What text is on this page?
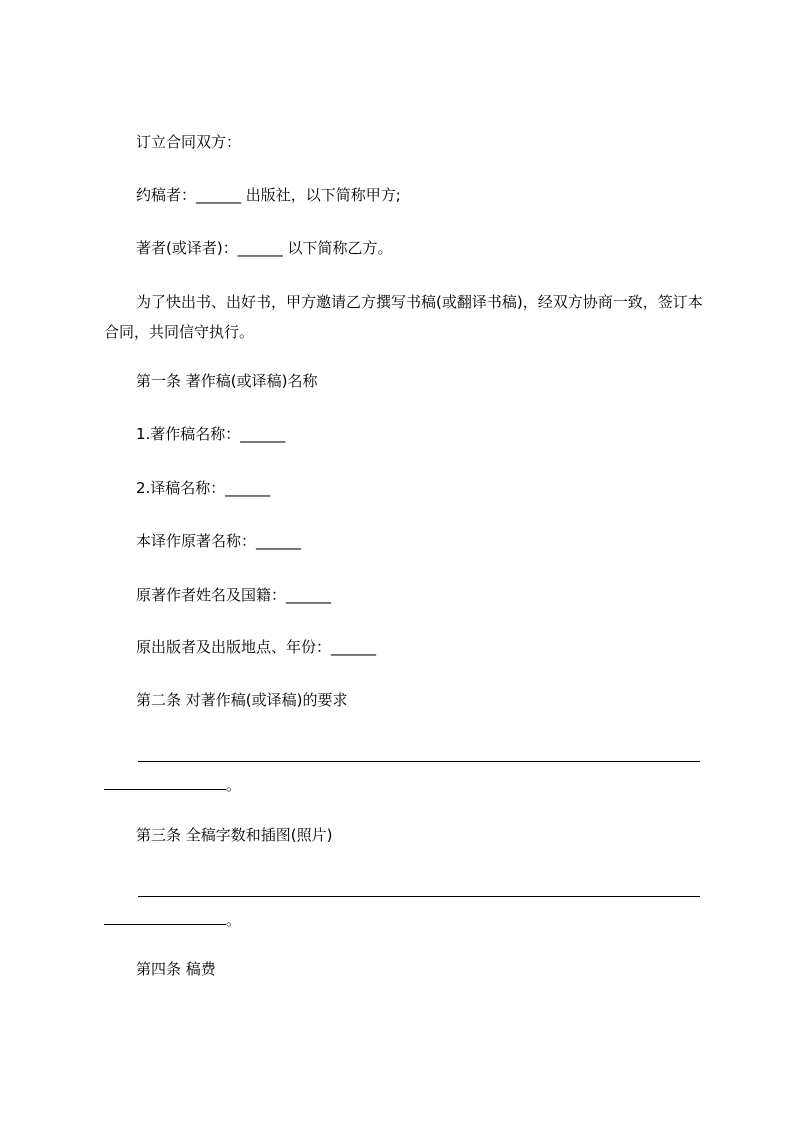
订立合同双方：
约稿者：______ 出版社，以下简称甲方;
著者(或译者)：______ 以下简称乙方。
为了快出书、出好书，甲方邀请乙方撰写书稿(或翻译书稿)，经双方协商一致，签订本合同，共同信守执行。
第一条 著作稿(或译稿)名称
1.著作稿名称：______
2.译稿名称：______
本译作原著名称：______
原著作者姓名及国籍：______
原出版者及出版地点、年份：______
第二条 对著作稿(或译稿)的要求
。
第三条 全稿字数和插图(照片)
。
第四条 稿费
